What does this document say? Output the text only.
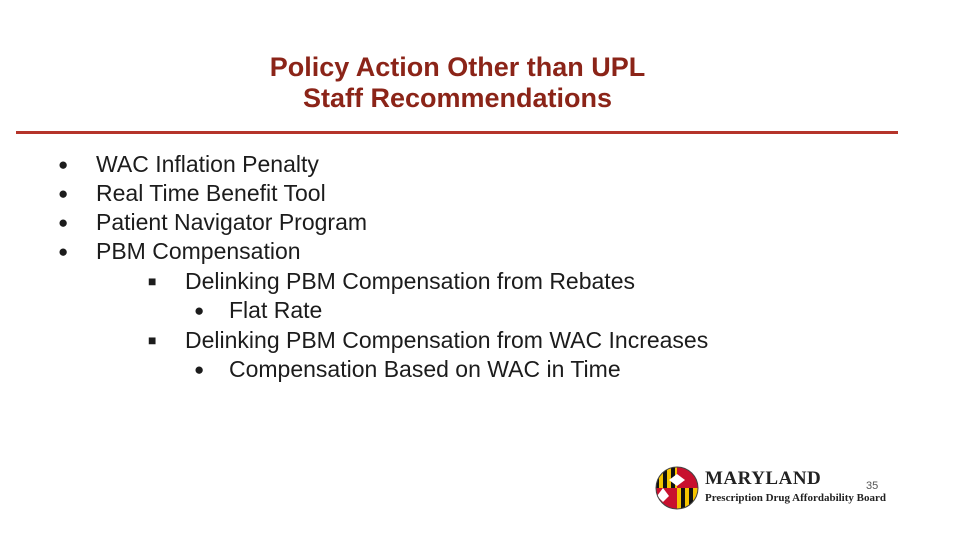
Policy Action Other than UPL
Staff Recommendations
● WAC Inflation Penalty
● Real Time Benefit Tool
● Patient Navigator Program
● PBM Compensation
■ Delinking PBM Compensation from Rebates
● Flat Rate
■ Delinking PBM Compensation from WAC Increases
● Compensation Based on WAC in Time
MARYLAND
Prescription Drug Affordability Board
35
